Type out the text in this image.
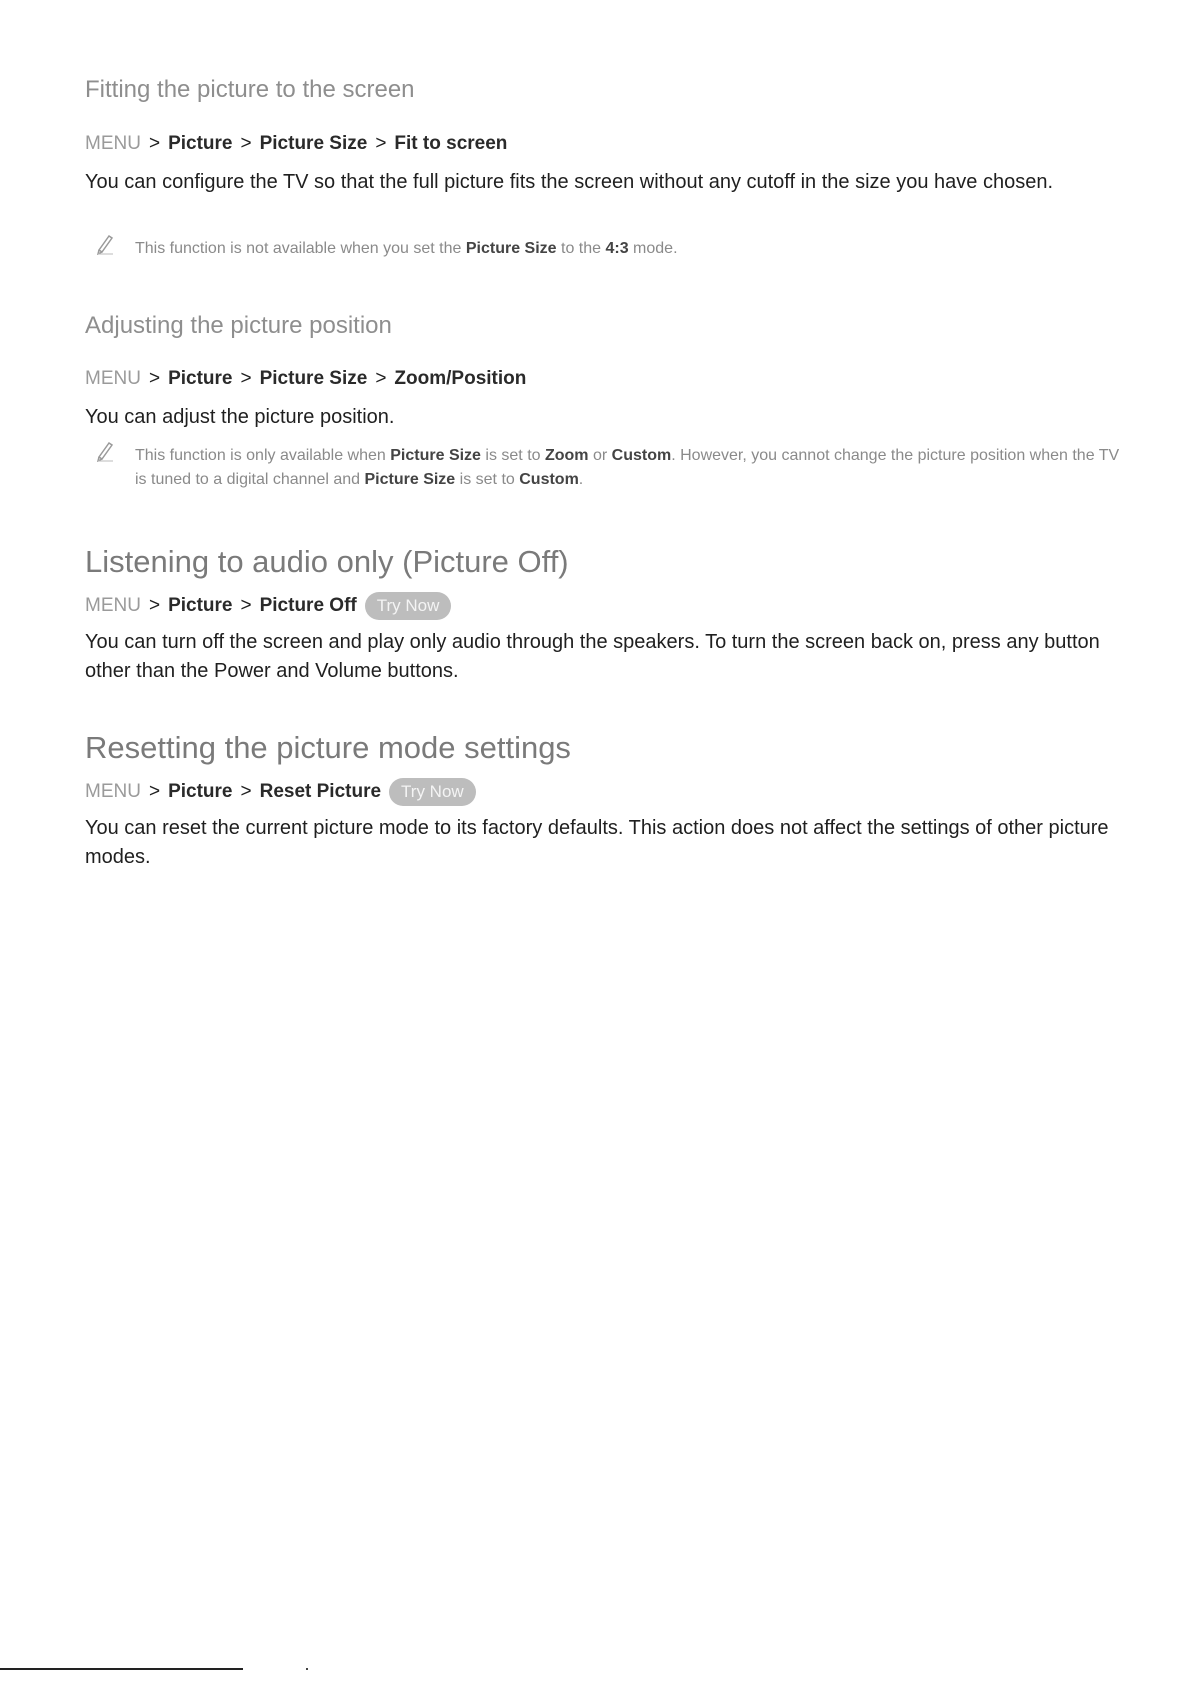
Fitting the picture to the screen
MENU > Picture > Picture Size > Fit to screen
You can configure the TV so that the full picture fits the screen without any cutoff in the size you have chosen.
This function is not available when you set the Picture Size to the 4:3 mode.
Adjusting the picture position
MENU > Picture > Picture Size > Zoom/Position
You can adjust the picture position.
This function is only available when Picture Size is set to Zoom or Custom. However, you cannot change the picture position when the TV is tuned to a digital channel and Picture Size is set to Custom.
Listening to audio only (Picture Off)
MENU > Picture > Picture Off	Try Now
You can turn off the screen and play only audio through the speakers. To turn the screen back on, press any button other than the Power and Volume buttons.
Resetting the picture mode settings
MENU > Picture > Reset Picture	Try Now
You can reset the current picture mode to its factory defaults. This action does not affect the settings of other picture modes.
